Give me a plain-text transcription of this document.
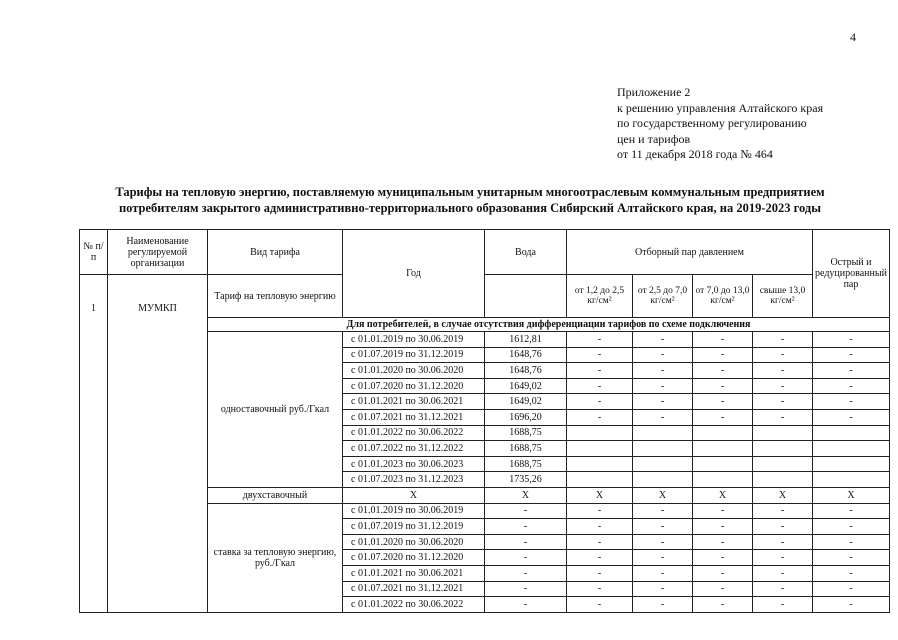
4
Приложение 2
к решению управления Алтайского края
по государственному регулированию
цен и тарифов
от 11 декабря 2018 года № 464
Тарифы на тепловую энергию, поставляемую муниципальным унитарным многоотраслевым коммунальным предприятием
потребителям закрытого административно-территориального образования Сибирский Алтайского края, на 2019-2023 годы
№ п/п	Наименование регулируемой организации	Вид тарифа	Год	Вода	Отборный пар давлением				Острый и редуцированный пар
1	МУМКП	Тариф на тепловую энергию			от 1,2 до 2,5 кг/см²	от 2,5 до 7,0 кг/см²	от 7,0 до 13,0 кг/см²	свыше 13,0 кг/см²	
		Для потребителей, в случае отсутствия дифференциации тарифов по схеме подключения							
		одноставочный руб./Гкал	с 01.01.2019 по 30.06.2019	1612,81	-	-	-	-	-
			с 01.07.2019 по 31.12.2019	1648,76	-	-	-	-	-
			с 01.01.2020 по 30.06.2020	1648,76	-	-	-	-	-
			с 01.07.2020 по 31.12.2020	1649,02	-	-	-	-	-
			с 01.01.2021 по 30.06.2021	1649,02	-	-	-	-	-
			с 01.07.2021 по 31.12.2021	1696,20	-	-	-	-	-
			с 01.01.2022 по 30.06.2022	1688,75					
			с 01.07.2022 по 31.12.2022	1688,75					
			с 01.01.2023 по 30.06.2023	1688,75					
			с 01.07.2023 по 31.12.2023	1735,26					
		двухставочный	X	X	X	X	X	X	X
		ставка за тепловую энергию, руб./Гкал	с 01.01.2019 по 30.06.2019	-	-	-	-	-	-
			с 01.07.2019 по 31.12.2019	-	-	-	-	-	-
			с 01.01.2020 по 30.06.2020	-	-	-	-	-	-
			с 01.07.2020 по 31.12.2020	-	-	-	-	-	-
			с 01.01.2021 по 30.06.2021	-	-	-	-	-	-
			с 01.07.2021 по 31.12.2021	-	-	-	-	-	-
			с 01.01.2022 по 30.06.2022	-	-	-	-	-	-
